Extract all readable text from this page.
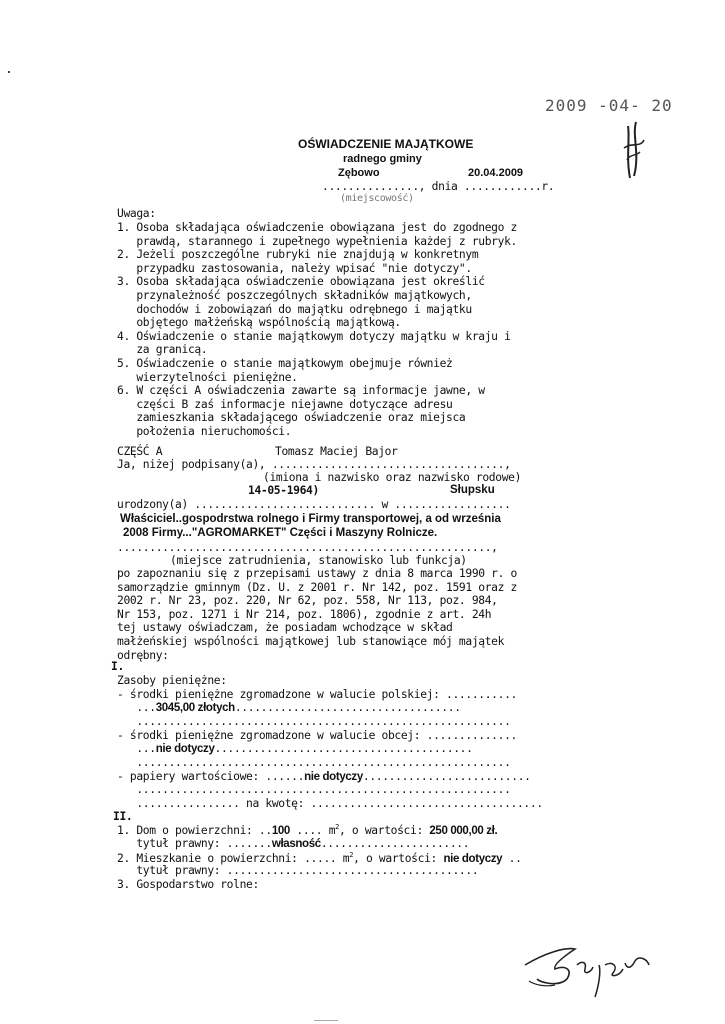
2009 -04- 20
OŚWIADCZENIE MAJĄTKOWE
radnego gminy
Zębowo	20.04.2009
..............., dnia ............r.
(miejscowość)
Uwaga:
1. Osoba składająca oświadczenie obowiązana jest do zgodnego z
prawdą, starannego i zupełnego wypełnienia każdej z rubryk.
2. Jeżeli poszczególne rubryki nie znajdują w konkretnym
przypadku zastosowania, należy wpisać "nie dotyczy".
3. Osoba składająca oświadczenie obowiązana jest określić
przynależność poszczególnych składników majątkowych,
dochodów i zobowiązań do majątku odrębnego i majątku
objętego małżeńską wspólnością majątkową.
4. Oświadczenie o stanie majątkowym dotyczy majątku w kraju i
za granicą.
5. Oświadczenie o stanie majątkowym obejmuje również
wierzytelności pieniężne.
6. W części A oświadczenia zawarte są informacje jawne, w
części B zaś informacje niejawne dotyczące adresu
zamieszkania składającego oświadczenie oraz miejsca
położenia nieruchomości.
CZĘŚĆ A	Tomasz Maciej Bajor
Ja, niżej podpisany(a), ....................................,
(imiona i nazwisko oraz nazwisko rodowe)
14-05-1964)	Słupsku
urodzony(a) ............................ w ..................
Właściciel..gospodrstwa rolnego i Firmy transportowej, a od września
2008 Firmy..."AGROMARKET" Części i Maszyny Rolnicze.
..........................................................,
(miejsce zatrudnienia, stanowisko lub funkcja)
po zapoznaniu się z przepisami ustawy z dnia 8 marca 1990 r. o
samorządzie gminnym (Dz. U. z 2001 r. Nr 142, poz. 1591 oraz z
2002 r. Nr 23, poz. 220, Nr 62, poz. 558, Nr 113, poz. 984,
Nr 153, poz. 1271 i Nr 214, poz. 1806), zgodnie z art. 24h
tej ustawy oświadczam, że posiadam wchodzące w skład
małżeńskiej wspólności majątkowej lub stanowiące mój majątek
odrębny:
I.
Zasoby pieniężne:
- środki pieniężne zgromadzone w walucie polskiej: ...........
...3045,00 złotych...................................
..........................................................
- środki pieniężne zgromadzone w walucie obcej: ..............
...nie dotyczy........................................
..........................................................
- papiery wartościowe: ......nie dotyczy..........................
..........................................................
................ na kwotę: ....................................
II.
1. Dom o powierzchni: ..100 .... $m^2$, o wartości: 250 000,00 zł.
tytuł prawny: .......własność.......................
2. Mieszkanie o powierzchni: ..... $m^2$, o wartości: nie dotyczy ..
tytuł prawny: .......................................
3. Gospodarstwo rolne:
